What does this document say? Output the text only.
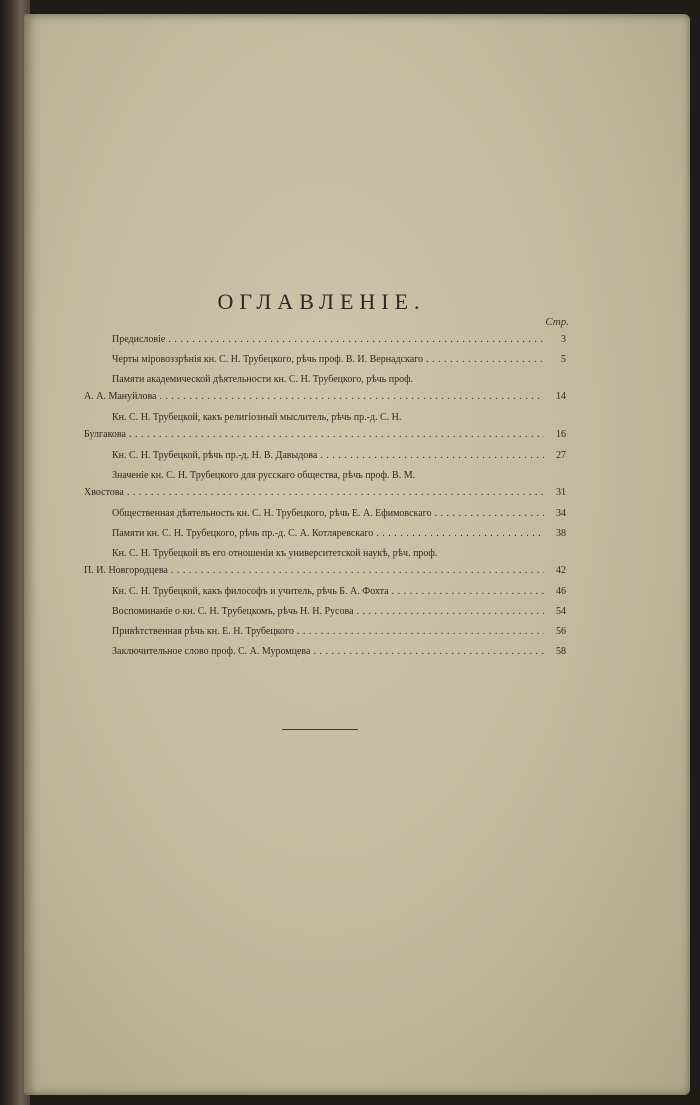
ОГЛАВЛЕНІЕ.
Стр.
Предисловіе . . .	3
Черты міровоззрѣнія кн. С. Н. Трубецкого, рѣчь проф. В. И. Вернадскаго . . .	5
Памяти академической дѣятельности кн. С. Н. Трубецкого, рѣчь проф.
А. А. Мануйлова . . .	14
Кн. С. Н. Трубецкой, какъ религіозный мыслитель, рѣчь пр.-д. С. Н.
Булгакова . . .	16
Кн. С. Н. Трубецкой, рѣчь пр.-д. Н. В. Давыдова . . .	27
Значеніе кн. С. Н. Трубецкого для русскаго общества, рѣчь проф. В. М.
Хвостова . . .	31
Общественная дѣятельность кн. С. Н. Трубецкого, рѣчь Е. А. Ефимовскаго . . .	34
Памяти кн. С. Н. Трубецкого, рѣчь пр.-д. С. А. Котляревскаго . . .	38
Кн. С. Н. Трубецкой въ его отношеніи къ университетской наукѣ, рѣч. проф.
П. И. Новгородцева . . .	42
Кн. С. Н. Трубецкой, какъ философъ и учитель, рѣчь Б. А. Фохта . . .	46
Воспоминаніе о кн. С. Н. Трубецкомъ, рѣчь Н. Н. Русова . . .	54
Привѣтственная рѣчь кн. Е. Н. Трубецкого . . .	56
Заключительное слово проф. С. А. Муромцева . . .	58
